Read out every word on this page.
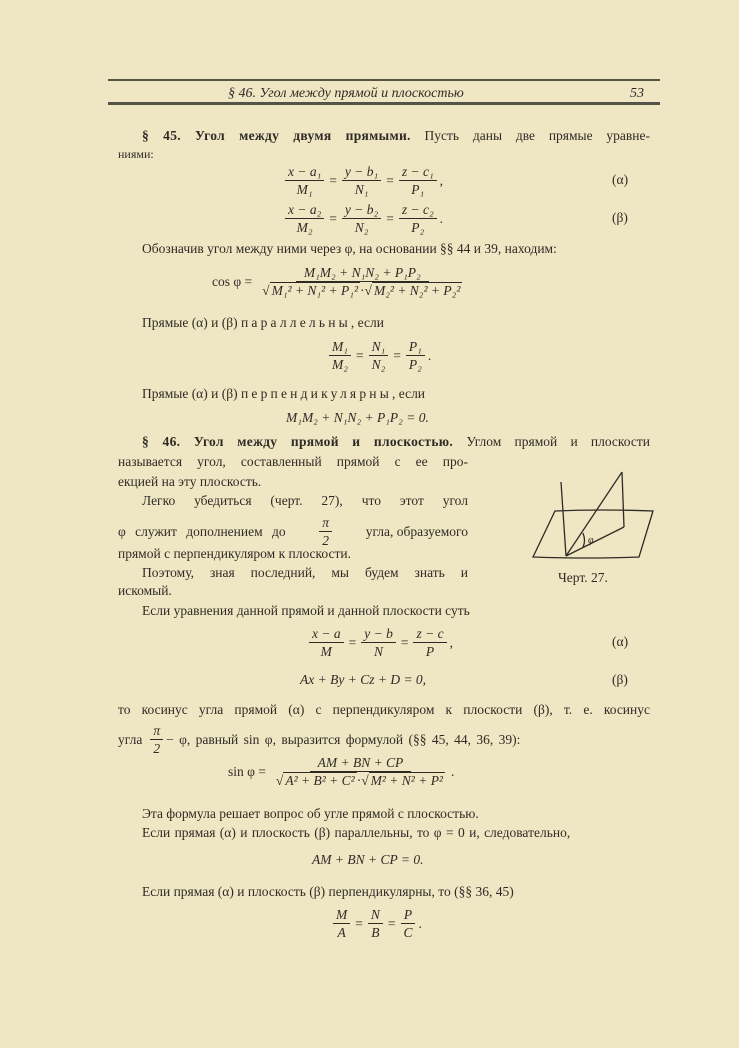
§ 46. Угол между прямой и плоскостью	53
§ 45. Угол между двумя прямыми. Пусть даны две прямые уравне-
ниями:
$\frac{\text{x − a₁}}{\text{M₁}} = \frac{\text{y − b₁}}{\text{N₁}} = \frac{\text{z − c₁}}{\text{P₁}}$ ,	(α)
$\frac{\text{x − a₂}}{\text{M₂}} = \frac{\text{y − b₂}}{\text{N₂}} = \frac{\text{z − c₂}}{\text{P₂}}$ .	(β)
Обозначив угол между ними через φ, на основании §§ 44 и 39, находим:
$\cos \varphi = \frac{\text{M₁M₂ + N₁N₂ + P₁P₂}}{\text{√ M₁² + N₁² + P₁² ·√ M₂² + N₂² + P₂²}}$
Прямые (α) и (β) параллельны, если
$\frac{\text{M₁}}{\text{M₂}} = \frac{\text{N₁}}{\text{N₂}} = \frac{\text{P₁}}{\text{P₂}}$ .
Прямые (α) и (β) перпендикулярны, если
M₁M₂ + N₁N₂ + P₁P₂ = 0.
§ 46. Угол между прямой и плоскостью. Углом прямой и плоскости
называется угол, составленный прямой с ее про-
екцией на эту плоскость.
Легко убедиться (черт. 27), что этот угол
φ служит дополнением до $\frac{\pi}{2}$ угла, образуемого
прямой с перпендикуляром к плоскости.
Поэтому, зная последний, мы будем знать и
искомый.
Если уравнения данной прямой и данной плоскости суть
φ
Черт. 27.
$\frac{x - a}{M} = \frac{y - b}{N} = \frac{z - c}{P}$ ,	(α)
Ax + By + Cz + D = 0,	(β)
то косинус угла прямой (α) с перпендикуляром к плоскости (β), т. е. косинус
угла $\frac{\pi}{2} - \varphi$, равный sin φ, выразится формулой (§§ 45, 44, 36, 39):
$\sin \varphi = \frac{AM + BN + CP}{\text{√ A² + B² + C² ·√ M² + N² + P²}}$ .
Эта формула решает вопрос об угле прямой с плоскостью.
Если прямая (α) и плоскость (β) параллельны, то φ = 0 и, следовательно,
AM + BN + CP = 0.
Если прямая (α) и плоскость (β) перпендикулярны, то (§§ 36, 45)
$\frac{M}{A} = \frac{N}{B} = \frac{P}{C}$ .
